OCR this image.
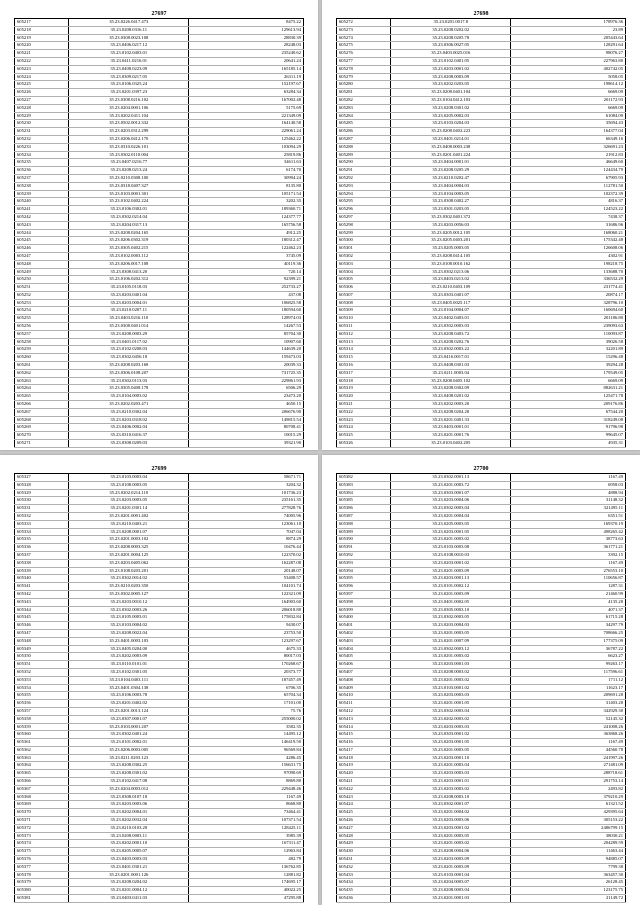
27697
605217	35.23.0226.0417.473	8475.22
605218	35.23.0208.0316.11	129613.94
605219	35.23.0308.0023.108	28830.39
605220	35.23.0406.0217.12	28248.03
605221	35.23.0102.0403.01	235240.62
605222	35.23.0411.0216.01	20641.24
605223	35.23.0408.0223.09	165185.14
605224	35.23.0309.0217.05	26311.19
605225	35.23.0106.0325.24	152197.67
605226	35.23.0201.0397.23	63284.34
605227	35.23.0308.0216.102	167002.48
605228	35.23.0204.0001.106	5175.69
605229	35.23.0202.0411.104	221349.09
605230	35.23.0502.0012.332	164140.58
605231	35.23.0203.0312.299	229061.24
605232	35.23.0206.0412.170	125462.22
605233	35.23.0310.0226.101	103094.29
605234	35.23.0302.0110.004	25819.86
605235	35.23.0407.0216.77	34611.63
605236	35.23.0208.0213.24	6174.70
605237	35.23.0210.0308.100	30994.24
605238	35.23.0318.0407.327	8135.80
605239	35.23.0103.0001.301	105171.54
605240	35.23.0102.0402.224	3202.35
605241	35.23.0106.0302.01	189360.71
605242	35.23.0302.0214.04	124377.77
605243	35.23.0204.0317.13	165756.58
605244	35.23.0208.0204.165	4912.25
605245	35.23.0206.0302.319	180312.47
605246	35.23.0305.0402.215	122462.23
605247	35.23.0102.0003.112	3745.09
605248	35.23.0206.0017.108	40119.36
605249	35.23.0308.0413.20	720.14
605250	35.23.0106.0202.312	92399.21
605251	35.23.0105.0118.03	252733.27
605252	35.23.0203.0401.04	437.08
605253	35.23.0203.0004.01	106825.58
605254	35.23.0210.0207.11	180594.60
605255	35.23.0403.0216.110	128974.03
605256	35.23.0308.0401.014	14267.53
605257	35.23.0208.0003.29	85704.30
605258	35.23.0401.0117.02	10907.60
605259	35.23.0102.0208.03	144639.20
605260	35.23.0302.0456.18	159473.03
605261	35.23.0208.0203.168	20039.33
605262	35.23.0306.0108.207	731725.35
605263	35.23.0302.0113.03	229861.93
605264	35.23.0305.0408.178	6506.29
605265	35.23.0104.0003.02	23473.20
605266	35.23.0202.0203.471	4650.15
605267	35.23.0210.0302.04	206676.90
605268	35.23.0203.0318.02	149815.54
605269	35.23.0406.0002.04	80708.41
605270	35.23.0310.0416.37	10015.29
605271	35.23.0308.0209.03	39321.90
27698
605272	35.23.0201.0017.8	178976.36
605273	35.23.0208.0202.02	23.89
605274	35.23.0208.0205.78	205443.64
605275	35.23.0306.0027.05	128291.64
605276	35.23.0403.0025.016	98076.27
605277	35.23.0102.0401.05	227963.80
605278	35.23.0203.0001.02	402742.05
605279	35.23.0208.0003.09	5058.05
605280	35.23.0202.0203.05	198614.12
605281	35.23.0208.0401.104	6669.09
605282	35.23.0104.0412.103	201172.93
605283	35.23.0208.0301.02	6669.09
605284	35.23.0205.0002.03	61084.09
605285	35.23.0103.0204.03	35694.43
605286	35.23.0208.0402.223	164377.04
605287	35.23.0401.0214.01	66349.16
605288	35.23.0408.0003.238	326691.23
605289	35.23.0201.0401.224	21912.83
605290	35.23.0404.0001.01	46649.60
605291	35.23.0208.0205.29	124434.79
605292	35.23.0210.0202.47	67905.93
605293	35.23.0404.0004.03	112781.50
605294	35.23.0104.0003.05	102372.39
605295	35.23.0308.0402.27	4816.37
605296	35.23.0301.0203.05	124523.22
605297	35.23.0302.0401.372	7438.37
605298	35.23.0203.0056.03	31686.96
605299	35.23.0205.0012.105	168060.21
605300	35.23.0205.0403.201	175342.48
605301	35.23.0205.0003.05	126608.06
605302	35.23.0208.0414.105	4302.91
605303	35.23.0108.0010.162	198218.75
605304	35.23.0302.0213.06	133688.70
605305	35.23.0403.0213.02	336532.29
605306	35.23.0210.0403.109	231774.41
605307	35.23.0303.0401.07	20874.17
605308	35.23.0405.0025.117	328796.10
605309	35.23.0104.0004.07	160694.60
605310	35.23.0402.0403.01	201186.80
605311	35.23.0302.0003.03	239093.63
605312	35.23.0208.0403.72	110093.87
605313	35.23.0208.0202.76	39026.58
605314	35.23.0302.0003.22	32201.89
605315	35.23.0416.0017.01	15296.48
605316	35.23.0408.0301.03	39294.28
605317	35.23.0211.0003.04	179549.05
605318	35.23.0208.0405.102	6669.09
605319	35.23.0208.0302.09	882631.21
605320	35.23.0408.0201.02	125471.78
605321	35.23.0202.0003.20	209176.86
605322	35.23.0208.0204.28	67544.20
605323	35.23.0201.0401.33	318249.08
605324	35.23.0403.0001.01	91796.98
605325	35.23.0201.0001.76	99645.07
605326	35.23.0103.0402.205	4935.31
27699
605327	35.23.0103.0003.04	58671.71
605328	35.23.0108.0003.05	3204.32
605329	35.23.0202.0214.110	101736.23
605330	35.23.0203.0003.05	235161.35
605331	35.23.0201.0301.14	277828.76
605332	35.23.0201.0001.402	74005.96
605333	35.23.0210.0403.21	123061.10
605334	35.23.0208.0001.07	7047.04
605335	35.23.0201.0003.102	8874.29
605336	35.23.0208.0003.325	10476.44
605337	35.23.0201.0004.125	122370.02
605338	35.23.0203.0405.062	162287.08
605339	35.23.0108.0203.201	20148.07
605340	35.23.0302.0014.02	53408.57
605341	35.23.0210.0203.350	104101.74
605342	35.23.0302.0005.127	122321.09
605343	35.23.0203.0010.12	164903.60
605344	35.23.0302.0003.26	206018.80
605345	35.23.0105.0003.01	175832.84
605346	35.23.0103.0004.02	9430.07
605347	35.23.0208.0022.04	23753.50
605348	35.23.0401.0003.103	123297.67
605349	35.23.0405.0204.00	4675.33
605350	35.23.0202.0003.09	80017.03
605351	35.23.0110.0101.01	170268.67
605352	35.23.0102.0301.05	20373.77
605353	35.23.0104.0403.111	187457.49
605354	35.23.0401.0304.138	6706.35
605355	35.23.0106.0003.78	65704.34
605356	35.23.0201.0402.02	17101.00
605357	35.23.0201.0013.124	75.76
605358	35.23.0307.0001.07	255000.02
605359	35.23.0103.0001.207	3582.35
605360	35.23.0302.0401.24	14495.12
605361	35.23.0101.0002.01	146419.50
605362	35.23.0206.0003.005	96569.84
605363	35.23.0211.0203.123	4286.45
605364	35.23.0208.0302.25	156631.75
605365	35.23.0208.0301.02	97090.69
605366	35.23.0102.0417.08	8869.80
605367	35.23.0204.0003.012	229448.46
605368	35.23.0308.0107.18	1167.49
605369	35.23.0203.0003.06	8668.80
605370	35.23.0202.0004.01	73464.41
605371	35.23.0202.0032.04	107371.54
605372	35.23.0210.0103.28	128425.11
605373	35.23.0208.0003.11	3985.39
605374	35.23.0202.0001.10	167311.47
605375	35.23.0205.0005.07	12963.84
605376	35.23.0403.0003.03	482.79
605377	35.23.0401.0301.21	136762.85
605378	35.23.0201.0001.126	12881.82
605379	35.23.0208.0204.02	174695.17
605380	35.23.0201.0004.12	40022.25
605381	35.23.0403.0411.03	47295.88
27700
605382	35.23.0302.0001.13	1167.49
605383	35.23.0201.0003.72	6958.03
605384	35.23.0303.0001.07	4888.94
605385	35.23.0203.0004.06	31148.32
605386	35.23.0302.0003.04	321495.11
605387	35.23.0201.0004.04	6351.51
605388	35.23.0205.0003.05	169370.19
605389	35.23.0203.0001.05	498265.42
605390	35.23.0201.0003.02	38773.63
605391	35.23.0103.0003.08	361771.21
605392	35.23.0108.0010.03	3392.15
605393	35.23.0203.0001.02	1167.49
605394	35.23.0201.0003.09	276553.10
605395	35.23.0203.0001.13	110656.87
605396	35.23.0101.0002.12	1287.31
605397	35.23.0201.0003.09	21460.99
605398	35.23.0401.0002.05	4135.28
605399	35.23.0305.0003.10	4071.37
605400	35.23.0302.0003.05	61715.28
605401	35.23.0203.0004.03	34297.79
605402	35.23.0201.0003.05	708666.25
605403	35.23.0201.0007.09	177375.09
605404	35.23.0302.0003.12	36787.22
605405	35.23.0201.0003.02	6623.27
605406	35.23.0203.0001.03	99263.17
605407	35.23.0208.0003.02	117596.61
605408	35.23.0201.0003.02	1711.12
605409	35.23.0103.0001.02	11623.17
605410	35.23.0203.0003.03	209691.28
605411	35.23.0201.0001.05	31403.28
605412	35.23.0302.0003.04	342929.30
605413	35.23.0202.0003.02	52145.32
605414	35.23.0203.0003.03	241008.26
605415	35.23.0303.0001.02	363868.26
605416	35.23.0203.0001.05	1167.49
605417	35.23.0201.0003.05	44560.78
605418	35.23.0203.0001.10	241997.26
605419	35.23.0201.0003.04	271481.09
605420	35.23.0203.0003.03	288718.61
605421	35.23.0203.0001.01	291753.14
605422	35.23.0203.0003.02	2493.82
605423	35.23.0208.0003.10	379210.29
605424	35.23.0302.0001.07	61321.52
605425	35.23.0201.0004.02	429395.64
605426	35.23.0203.0003.06	305153.22
605427	35.23.0203.0001.02	2486799.15
605428	35.23.0201.0003.05	38030.21
605429	35.23.0201.0003.02	204289.59
605430	35.23.0208.0004.06	11463.44
605431	35.23.0203.0003.09	94885.07
605432	35.23.0201.0003.09	7799.38
605433	35.23.0103.0001.04	363457.30
605434	35.23.0204.0003.07	26128.45
605435	35.23.0208.0003.04	123175.75
605436	35.23.0201.0001.03	21149.72
